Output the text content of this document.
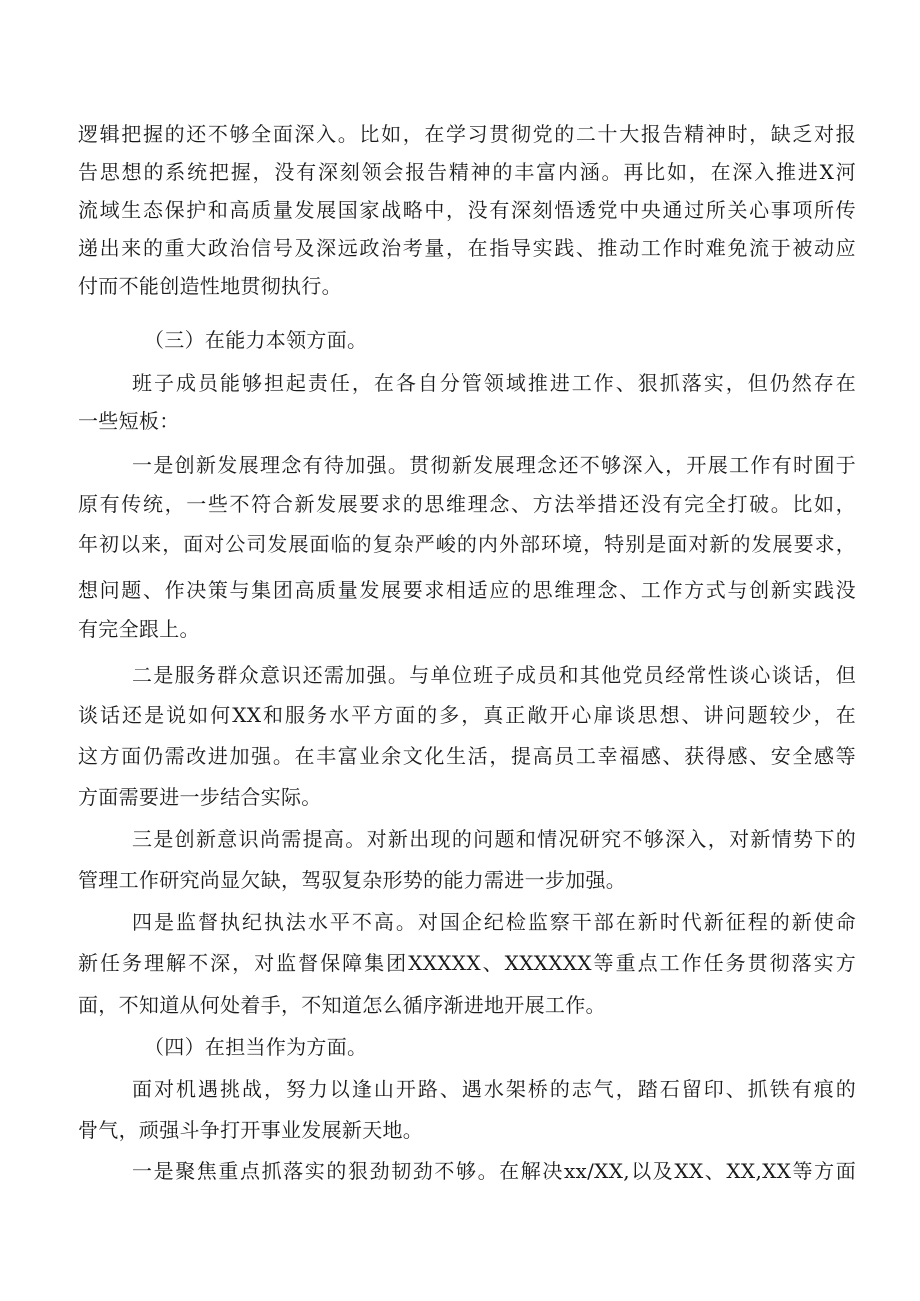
逻辑把握的还不够全面深入。比如，在学习贯彻党的二十大报告精神时，缺乏对报
告思想的系统把握，没有深刻领会报告精神的丰富内涵。再比如，在深入推进X河
流域生态保护和高质量发展国家战略中，没有深刻悟透党中央通过所关心事项所传
递出来的重大政治信号及深远政治考量，在指导实践、推动工作时难免流于被动应
付而不能创造性地贯彻执行。
（三）在能力本领方面。
班子成员能够担起责任，在各自分管领域推进工作、狠抓落实，但仍然存在
一些短板：
一是创新发展理念有待加强。贯彻新发展理念还不够深入，开展工作有时囿于
原有传统，一些不符合新发展要求的思维理念、方法举措还没有完全打破。比如，
年初以来，面对公司发展面临的复杂严峻的内外部环境，特别是面对新的发展要求，
想问题、作决策与集团高质量发展要求相适应的思维理念、工作方式与创新实践没
有完全跟上。
二是服务群众意识还需加强。与单位班子成员和其他党员经常性谈心谈话，但
谈话还是说如何XX和服务水平方面的多，真正敞开心扉谈思想、讲问题较少，在
这方面仍需改进加强。在丰富业余文化生活，提高员工幸福感、获得感、安全感等
方面需要进一步结合实际。
三是创新意识尚需提高。对新出现的问题和情况研究不够深入，对新情势下的
管理工作研究尚显欠缺，驾驭复杂形势的能力需进一步加强。
四是监督执纪执法水平不高。对国企纪检监察干部在新时代新征程的新使命
新任务理解不深，对监督保障集团XXXXX、XXXXXX等重点工作任务贯彻落实方
面，不知道从何处着手，不知道怎么循序渐进地开展工作。
（四）在担当作为方面。
面对机遇挑战，努力以逢山开路、遇水架桥的志气，踏石留印、抓铁有痕的
骨气，顽强斗争打开事业发展新天地。
一是聚焦重点抓落实的狠劲韧劲不够。在解决xx/XX,以及XX、XX,XX等方面
